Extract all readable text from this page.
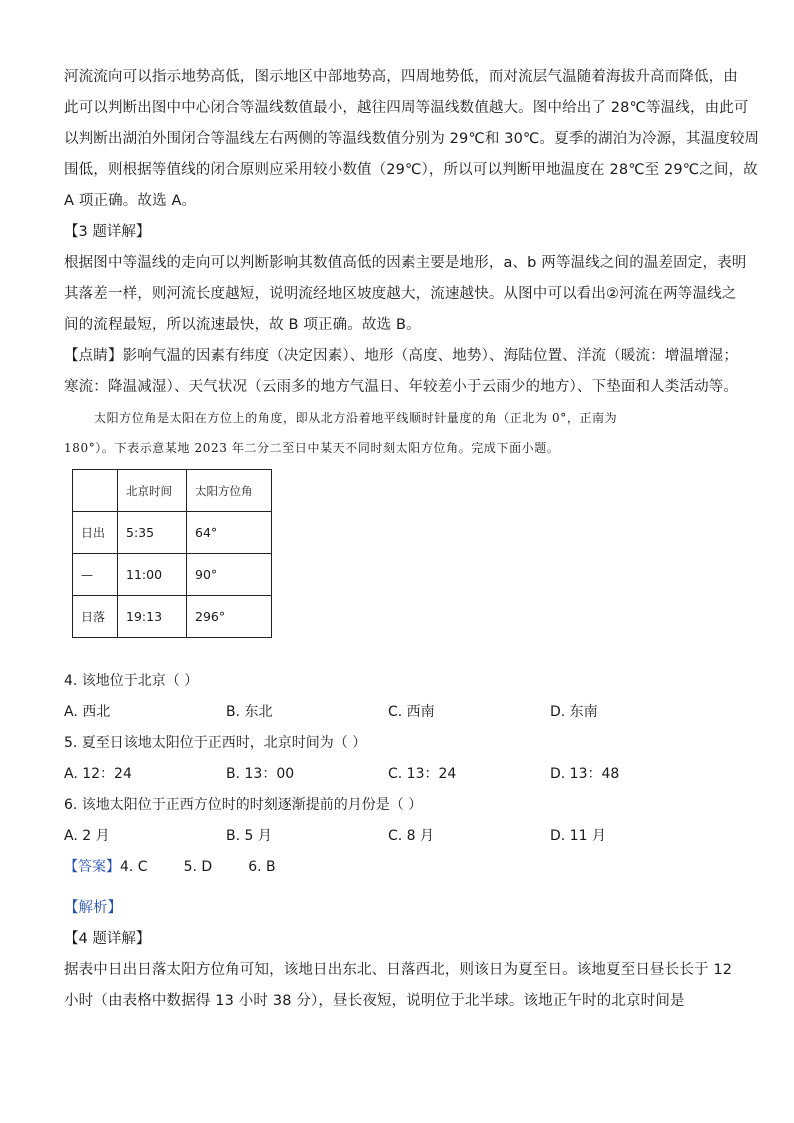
河流流向可以指示地势高低，图示地区中部地势高，四周地势低，而对流层气温随着海拔升高而降低，由
此可以判断出图中中心闭合等温线数值最小，越往四周等温线数值越大。图中给出了 28℃等温线，由此可
以判断出湖泊外围闭合等温线左右两侧的等温线数值分别为 29℃和 30℃。夏季的湖泊为冷源，其温度较周
围低，则根据等值线的闭合原则应采用较小数值（29℃），所以可以判断甲地温度在 28℃至 29℃之间，故
A 项正确。故选 A。

【3 题详解】

根据图中等温线的走向可以判断影响其数值高低的因素主要是地形，a、b 两等温线之间的温差固定，表明
其落差一样，则河流长度越短，说明流经地区坡度越大，流速越快。从图中可以看出②河流在两等温线之
间的流程最短，所以流速最快，故 B 项正确。故选 B。
【点睛】影响气温的因素有纬度（决定因素）、地形（高度、地势）、海陆位置、洋流（暖流：增温增湿；
寒流：降温减湿）、天气状况（云雨多的地方气温日、年较差小于云雨少的地方）、下垫面和人类活动等。
太阳方位角是太阳在方位上的角度，即从北方沿着地平线顺时针量度的角（正北为 0°，正南为
180°）。下表示意某地 2023 年二分二至日中某天不同时刻太阳方位角。完成下面小题。
	北京时间	太阳方位角
日出	5:35	64°
—	11:00	90°
日落	19:13	296°

4. 该地位于北京（ ）

A. 西北	B. 东北	C. 西南	D. 东南

5. 夏至日该地太阳位于正西时，北京时间为（ ）

A. 12：24	B. 13：00	C. 13：24	D. 13：48

6. 该地太阳位于正西方位时的时刻逐渐提前的月份是（ ）

A. 2 月	B. 5 月	C. 8 月	D. 11 月

【答案】4. C	5. D	6. B

【解析】

【4 题详解】

据表中日出日落太阳方位角可知，该地日出东北、日落西北，则该日为夏至日。该地夏至日昼长长于 12
小时（由表格中数据得 13 小时 38 分），昼长夜短，说明位于北半球。该地正午时的北京时间是
